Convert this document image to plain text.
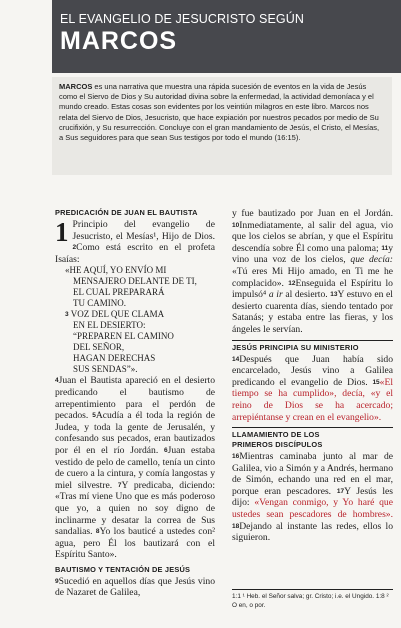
EL EVANGELIO DE JESUCRISTO SEGÚN
MARCOS
MARCOS es una narrativa que muestra una rápida sucesión de eventos en la vida de Jesús como el Siervo de Dios y Su autoridad divina sobre la enfermedad, la actividad demoníaca y el mundo creado. Estas cosas son evidentes por los veintiún milagros en este libro. Marcos nos relata del Siervo de Dios, Jesucristo, que hace expiación por nuestros pecados por medio de Su crucifixión, y Su resurrección. Concluye con el gran mandamiento de Jesús, el Cristo, el Mesías, a Sus seguidores para que sean Sus testigos por todo el mundo (16:15).
PREDICACIÓN DE JUAN EL BAUTISTA

1 Principio del evangelio de Jesucristo, el Mesías¹, Hijo de Dios. 2Como está escrito en el profeta Isaías:

«HE AQUÍ, YO ENVÍO MI
MENSAJERO DELANTE DE TI,
EL CUAL PREPARARÁ
TU CAMINO.
3 VOZ DEL QUE CLAMA
EN EL DESIERTO:
“PREPAREN EL CAMINO
DEL SEÑOR,
HAGAN DERECHAS
SUS SENDAS”».

4Juan el Bautista apareció en el desierto predicando el bautismo de arrepentimiento para el perdón de pecados. 5Acudía a él toda la región de Judea, y toda la gente de Jerusalén, y confesando sus pecados, eran bautizados por él en el río Jordán. 6Juan estaba vestido de pelo de camello, tenía un cinto de cuero a la cintura, y comía langostas y miel silvestre. 7Y predicaba, diciendo: «Tras mí viene Uno que es más poderoso que yo, a quien no soy digno de inclinarme y desatar la correa de Sus sandalias. 8Yo los bauticé a ustedes con² agua, pero Él los bautizará con el Espíritu Santo».

BAUTISMO Y TENTACIÓN DE JESÚS

9Sucedió en aquellos días que Jesús vino de Nazaret de Galilea,

y fue bautizado por Juan en el Jordán. 10Inmediatamente, al salir del agua, vio que los cielos se abrían, y que el Espíritu descendía sobre Él como una paloma; 11y vino una voz de los cielos, que decía: «Tú eres Mi Hijo amado, en Ti me he complacido». 12Enseguida el Espíritu lo impulsó⁴ a ir al desierto. 13Y estuvo en el desierto cuarenta días, siendo tentado por Satanás; y estaba entre las fieras, y los ángeles le servían.

JESÚS PRINCIPIA SU MINISTERIO

14Después que Juan había sido encarcelado, Jesús vino a Galilea predicando el evangelio de Dios. 15«El tiempo se ha cumplido», decía, «y el reino de Dios se ha acercado; arrepiéntanse y crean en el evangelio».

LLAMAMIENTO DE LOS
PRIMEROS DISCÍPULOS

16Mientras caminaba junto al mar de Galilea, vio a Simón y a Andrés, hermano de Simón, echando una red en el mar, porque eran pescadores. 17Y Jesús les dijo: «Vengan conmigo, y Yo haré que ustedes sean pescadores de hombres». 18Dejando al instante las redes, ellos lo siguieron.

1:1 ¹ Heb. el Señor salva; gr. Cristo; i.e. el Ungido. 1:8 ² O en, o por.
